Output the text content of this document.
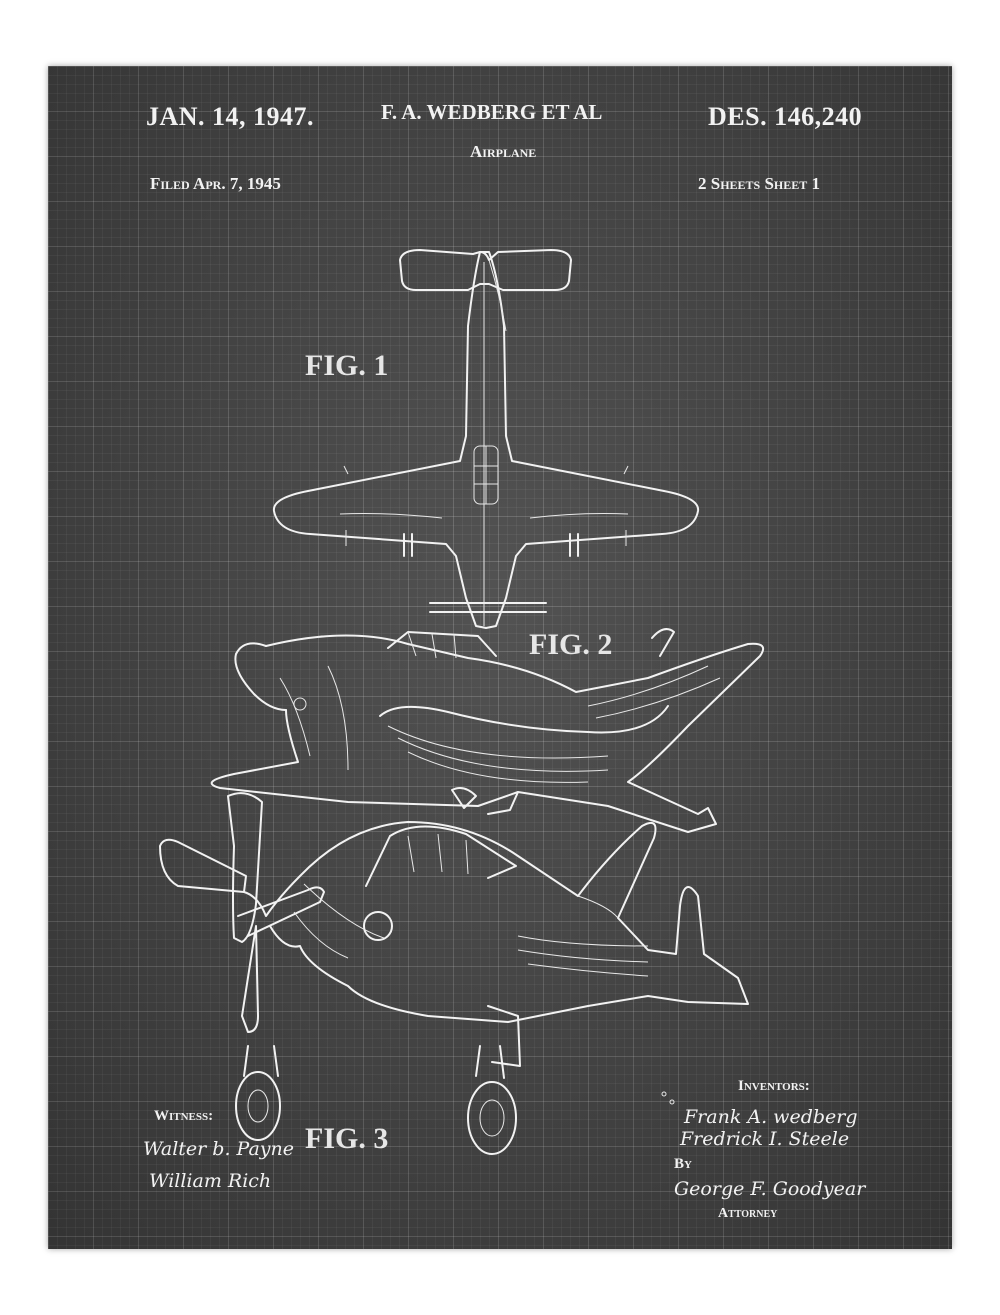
JAN. 14, 1947.	F. A. WEDBERG ET AL	DES. 146,240
Airplane
Filed Apr. 7, 1945	2 Sheets Sheet 1
FIG. 1
FIG. 2
FIG. 3
Witness:
Walter b. Payne
William Rich
Inventors:
Frank A. wedberg
Fredrick I. Steele
By
George F. Goodyear
Attorney
